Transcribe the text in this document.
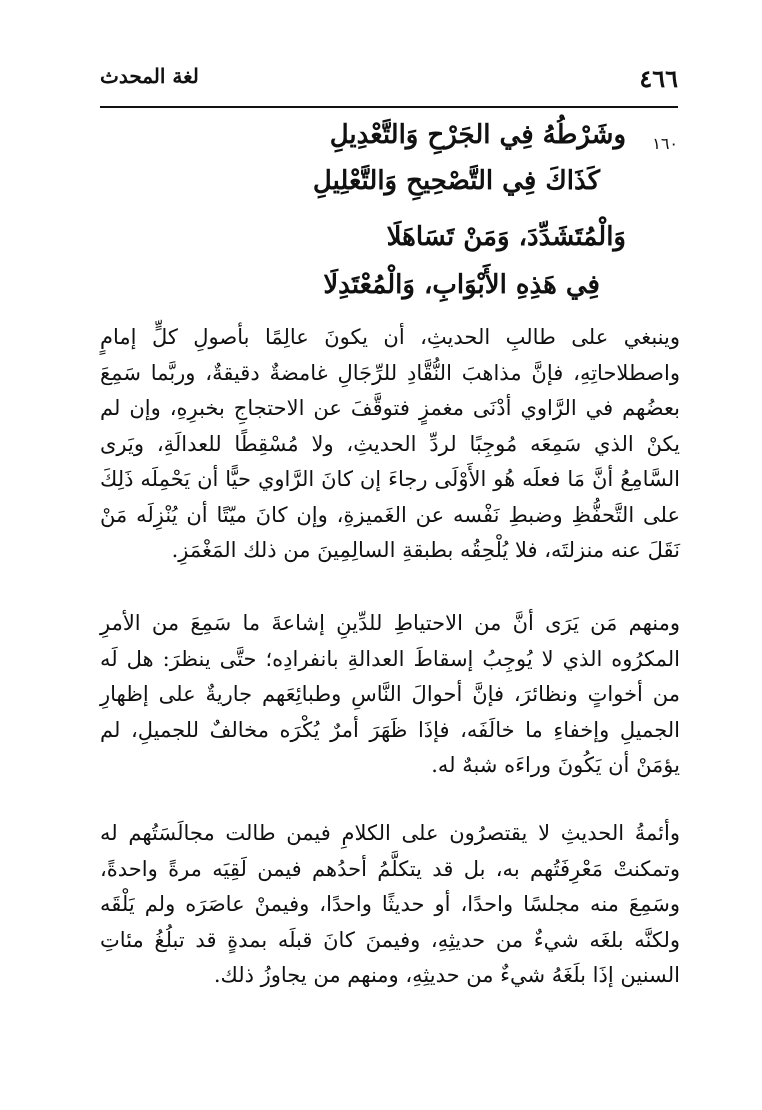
٤٦٦
لغة المحدث
١٦٠
وشَرْطُهُ فِي الجَرْحِ وَالتَّعْدِيلِ
كَذَاكَ فِي التَّصْحِيحِ وَالتَّعْلِيلِ
وَالْمُتَشَدِّدَ، وَمَنْ تَسَاهَلَا
فِي هَذِهِ الأَبْوَابِ، وَالْمُعْتَدِلَا

وينبغي على طالبِ الحديثِ، أن يكونَ عالِمًا بأصولِ كلٍّ إمامٍ واصطلاحاتِهِ، فإنَّ مذاهبَ النُّقَّادِ للرِّجَالِ غامضةٌ دقيقةٌ، وربَّما سَمِعَ بعضُهم في الرَّاوي أدْنَى مغمزٍ فتوقَّفَ عن الاحتجاجِ بخبرِهِ، وإن لم يكنْ الذي سَمِعَه مُوجِبًا لردِّ الحديثِ، ولا مُسْقِطًا للعدالَةِ، ويَرى السَّامِعُ أنَّ مَا فعلَه هُو الأَوْلَى رجاءَ إن كانَ الرَّاوي حيًّا أن يَحْمِلَه ذَلِكَ على التَّحفُّظِ وضبطِ نَفْسه عن الغَميزةِ، وإن كانَ ميّتًا أن يُنْزِلَه مَنْ نَقَلَ عنه منزلتَه، فلا يُلْحِقُه بطبقةِ السالِمِينَ من ذلك المَغْمَزِ.

ومنهم مَن يَرَى أنَّ من الاحتياطِ للدِّينِ إشاعةَ ما سَمِعَ من الأمرِ المكرُوه الذي لا يُوجِبُ إسقاطَ العدالةِ بانفرادِه؛ حتَّى ينظرَ: هل لَه من أخواتٍ ونظائرَ، فإنَّ أحوالَ النَّاسِ وطبائِعَهم جاريةٌ على إظهارِ الجميلِ وإخفاءِ ما خالَفَه، فإذَا ظَهَرَ أمرٌ يُكْرَه مخالفٌ للجميلِ، لم يؤمَنْ أن يَكُونَ وراءَه شبهٌ له.

وأئمةُ الحديثِ لا يقتصرُون على الكلامِ فيمن طالت مجالَسَتُهم له وتمكنتْ مَعْرِفَتُهم به، بل قد يتكلَّمُ أحدُهم فيمن لَقِيَه مرةً واحدةً، وسَمِعَ منه مجلسًا واحدًا، أو حديثًا واحدًا، وفيمنْ عاصَرَه ولم يَلْقَه ولكنَّه بلغَه شيءٌ من حديثِهِ، وفيمنَ كانَ قبلَه بمدةٍ قد تبلُغُ مئاتِ السنين إذَا بلَغَهُ شيءٌ من حديثِهِ، ومنهم من يجاوزُ ذلك.
